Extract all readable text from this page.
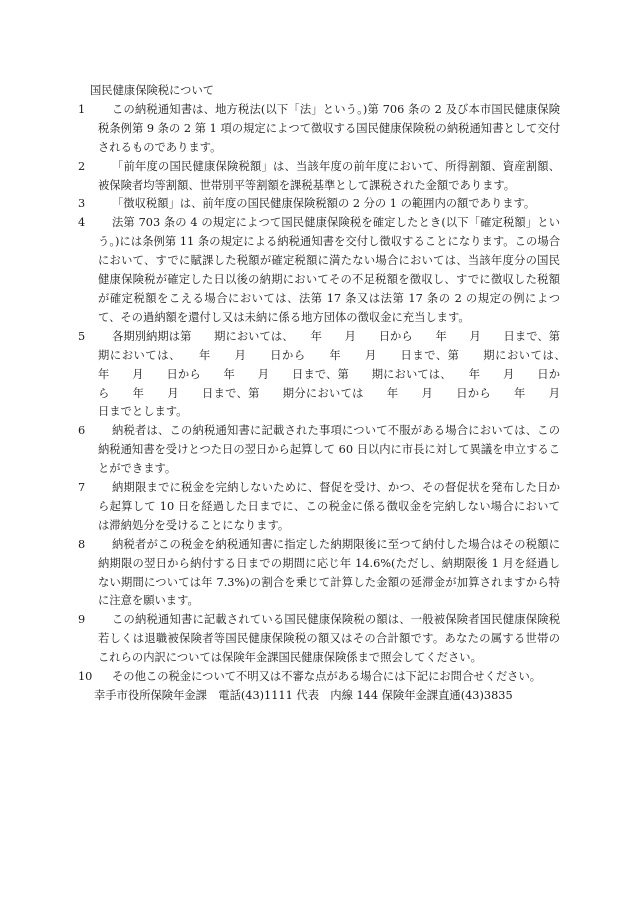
国民健康保険税について
1	この納税通知書は、地方税法(以下「法」という。)第 706 条の 2 及び本市国民健康保険税条例第 9 条の 2 第 1 項の規定によつて徴収する国民健康保険税の納税通知書として交付されるものであります。
2	「前年度の国民健康保険税額」は、当該年度の前年度において、所得割額、資産割額、被保険者均等割額、世帯別平等割額を課税基準として課税された金額であります。
3	「徴収税額」は、前年度の国民健康保険税額の 2 分の 1 の範囲内の額であります。
4	法第 703 条の 4 の規定によつて国民健康保険税を確定したとき(以下「確定税額」という。)には条例第 11 条の規定による納税通知書を交付し徴収することになります。この場合において、すでに賦課した税額が確定税額に満たない場合においては、当該年度分の国民健康保険税が確定した日以後の納期においてその不足税額を徴収し、すでに徴収した税額が確定税額をこえる場合においては、法第 17 条又は法第 17 条の 2 の規定の例によつて、その過納額を還付し又は未納に係る地方団体の徴収金に充当します。
5	各期別納期は第　　期においては、　　年　　月　　日から　　年　　月　　日まで、第　　期においては、　　年　　月　　日から　　年　　月　　日まで、第　　期においては、　　年　　月　　日から　　年　　月　　日まで、第　　期においては、　　年　　月　　日から　　年　　月　　日まで、第　　期分においては　　年　　月　　日から　　年　　月　　日までとします。
6	納税者は、この納税通知書に記載された事項について不服がある場合においては、この納税通知書を受けとつた日の翌日から起算して 60 日以内に市長に対して異議を申立することができます。
7	納期限までに税金を完納しないために、督促を受け、かつ、その督促状を発布した日から起算して 10 日を経過した日までに、この税金に係る徴収金を完納しない場合においては滞納処分を受けることになります。
8	納税者がこの税金を納税通知書に指定した納期限後に至つて納付した場合はその税額に納期限の翌日から納付する日までの期間に応じ年 14.6%(ただし、納期限後 1 月を経過しない期間については年 7.3%)の割合を乗じて計算した金額の延滞金が加算されますから特に注意を願います。
9	この納税通知書に記載されている国民健康保険税の額は、一般被保険者国民健康保険税若しくは退職被保険者等国民健康保険税の額又はその合計額です。あなたの属する世帯のこれらの内訳については保険年金課国民健康保険係まで照会してください。
10	その他この税金について不明又は不審な点がある場合には下記にお問合せください。
幸手市役所保険年金課　電話(43)1111 代表　内線 144 保険年金課直通(43)3835
